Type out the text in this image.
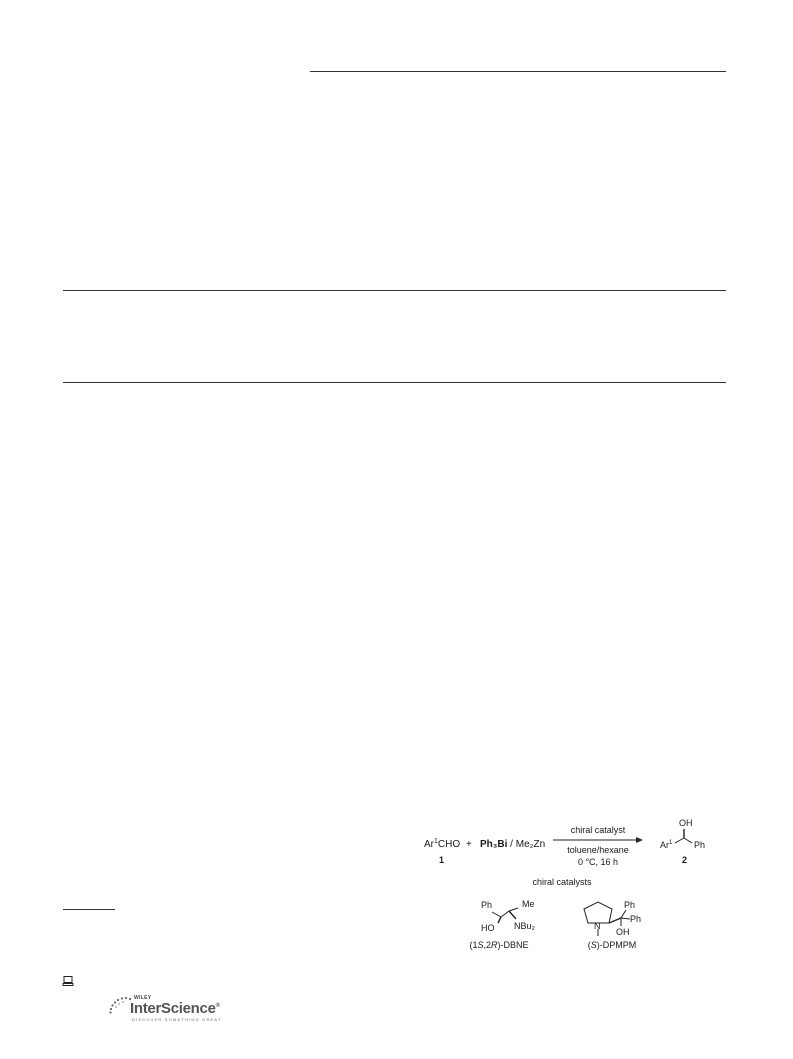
Ar$^1$CHO
1
+ Ph₃Bi / Me₂Zn
chiral catalyst
toluene/hexane
0 °C, 16 h
OH
Ar$^1$ Ph
2
chiral catalysts
Ph	Me
HO NBu₂
(1S,2R)-DBNE
N
Ph
Ph
OH
(S)-DPMPM
WILEY
InterScience®
DISCOVER SOMETHING GREAT
